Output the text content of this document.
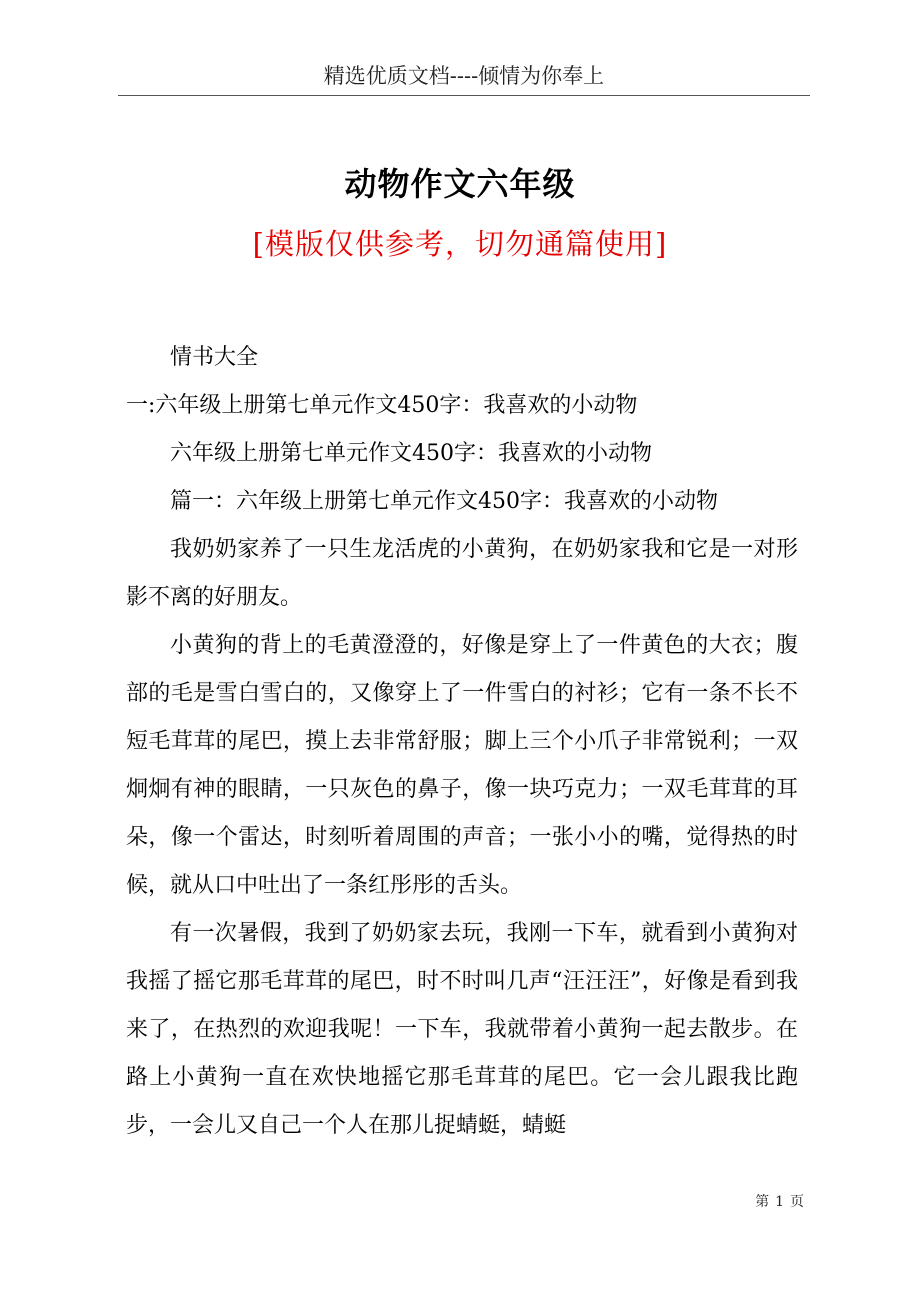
精选优质文档----倾情为你奉上
动物作文六年级
[模版仅供参考，切勿通篇使用]

情书大全

一:六年级上册第七单元作文450字：我喜欢的小动物

六年级上册第七单元作文450字：我喜欢的小动物

篇一：六年级上册第七单元作文450字：我喜欢的小动物

我奶奶家养了一只生龙活虎的小黄狗，在奶奶家我和它是一对形影不离的好朋友。

小黄狗的背上的毛黄澄澄的，好像是穿上了一件黄色的大衣；腹部的毛是雪白雪白的，又像穿上了一件雪白的衬衫；它有一条不长不短毛茸茸的尾巴，摸上去非常舒服；脚上三个小爪子非常锐利；一双炯炯有神的眼睛，一只灰色的鼻子，像一块巧克力；一双毛茸茸的耳朵，像一个雷达，时刻听着周围的声音；一张小小的嘴，觉得热的时候，就从口中吐出了一条红彤彤的舌头。

有一次暑假，我到了奶奶家去玩，我刚一下车，就看到小黄狗对我摇了摇它那毛茸茸的尾巴，时不时叫几声“汪汪汪”，好像是看到我来了，在热烈的欢迎我呢！一下车，我就带着小黄狗一起去散步。在路上小黄狗一直在欢快地摇它那毛茸茸的尾巴。它一会儿跟我比跑步，一会儿又自己一个人在那儿捉蜻蜓，蜻蜓

第 1 页
